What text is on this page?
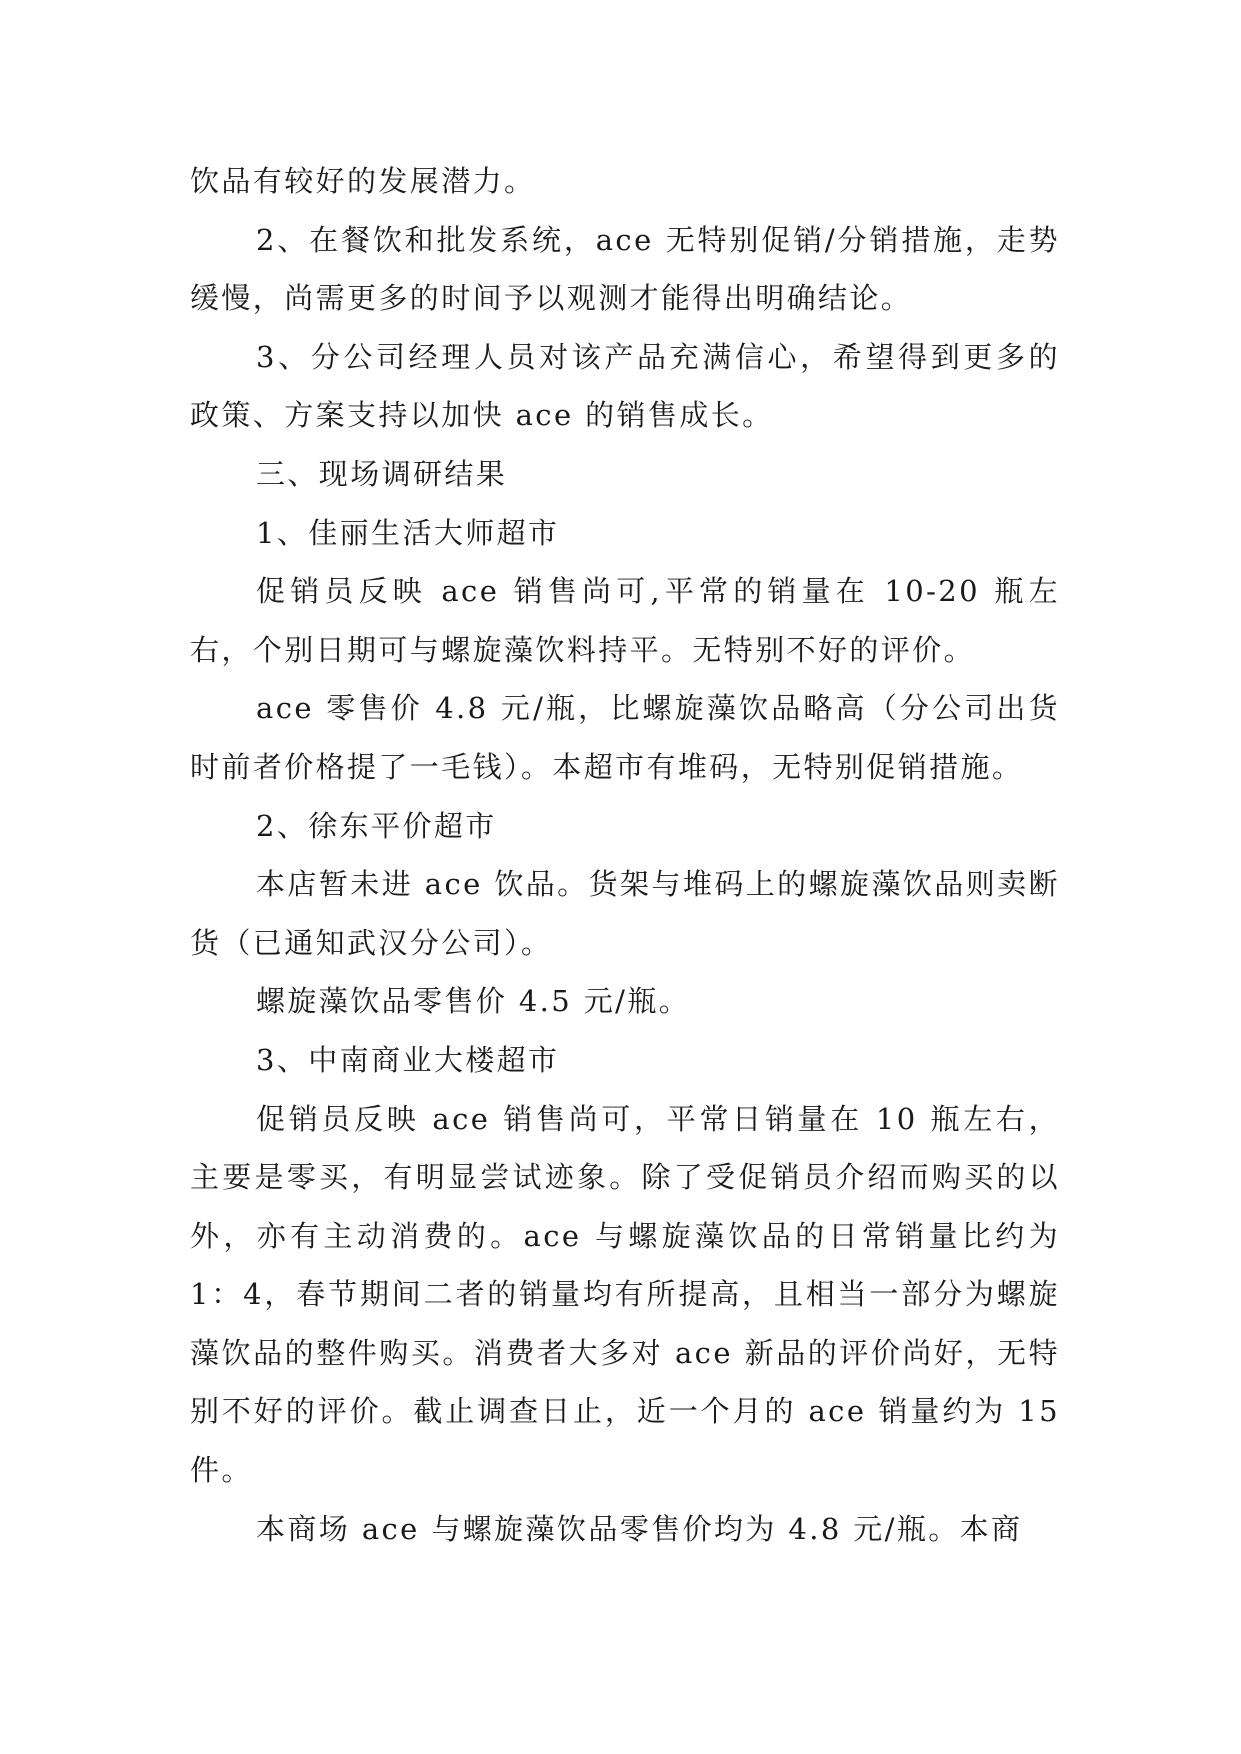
饮品有较好的发展潜力。

2、在餐饮和批发系统，ace 无特别促销/分销措施，走势缓慢，尚需更多的时间予以观测才能得出明确结论。

3、分公司经理人员对该产品充满信心，希望得到更多的政策、方案支持以加快 ace 的销售成长。

三、现场调研结果

1、佳丽生活大师超市

促销员反映 ace 销售尚可,平常的销量在 10-20 瓶左右，个别日期可与螺旋藻饮料持平。无特别不好的评价。

ace 零售价 4.8 元/瓶，比螺旋藻饮品略高（分公司出货时前者价格提了一毛钱）。本超市有堆码，无特别促销措施。

2、徐东平价超市

本店暂未进 ace 饮品。货架与堆码上的螺旋藻饮品则卖断货（已通知武汉分公司）。

螺旋藻饮品零售价 4.5 元/瓶。

3、中南商业大楼超市

促销员反映 ace 销售尚可，平常日销量在 10 瓶左右，主要是零买，有明显尝试迹象。除了受促销员介绍而购买的以外，亦有主动消费的。ace 与螺旋藻饮品的日常销量比约为 1：4，春节期间二者的销量均有所提高，且相当一部分为螺旋藻饮品的整件购买。消费者大多对 ace 新品的评价尚好，无特别不好的评价。截止调查日止，近一个月的 ace 销量约为 15 件。

本商场 ace 与螺旋藻饮品零售价均为 4.8 元/瓶。本商
